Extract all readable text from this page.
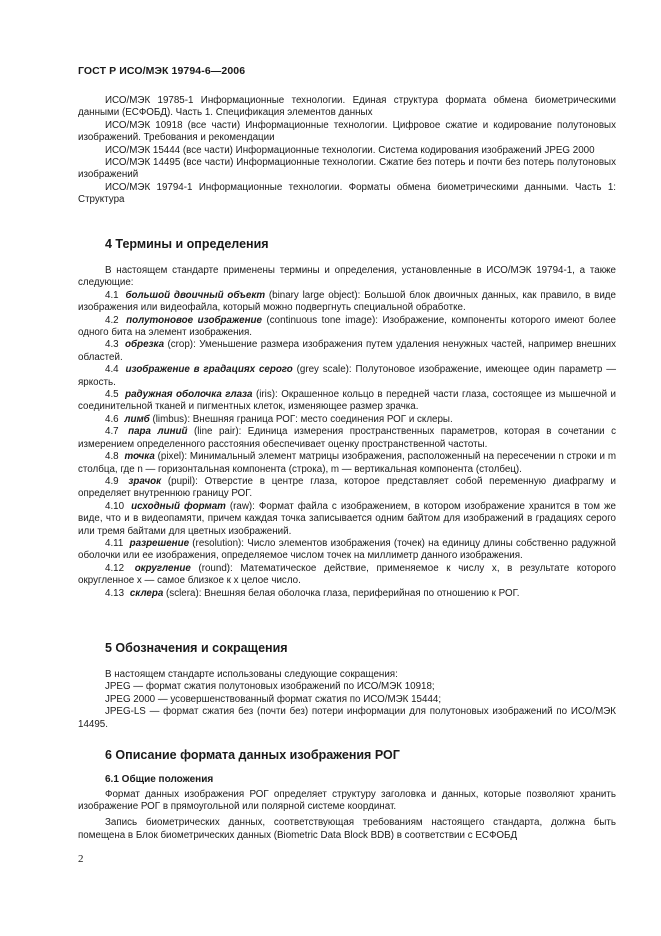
ГОСТ Р ИСО/МЭК 19794-6—2006

ИСО/МЭК 19785-1 Информационные технологии. Единая структура формата обмена биометрическими данными (ЕСФОБД). Часть 1. Спецификация элементов данных

ИСО/МЭК 10918 (все части) Информационные технологии. Цифровое сжатие и кодирование полутоновых изображений. Требования и рекомендации

ИСО/МЭК 15444 (все части) Информационные технологии. Система кодирования изображений JPEG 2000

ИСО/МЭК 14495 (все части) Информационные технологии. Сжатие без потерь и почти без потерь полутоновых изображений

ИСО/МЭК 19794-1 Информационные технологии. Форматы обмена биометрическими данными. Часть 1: Структура

4 Термины и определения

В настоящем стандарте применены термины и определения, установленные в ИСО/МЭК 19794-1, а также следующие:

4.1 большой двоичный объект (binary large object): Большой блок двоичных данных, как правило, в виде изображения или видеофайла, который можно подвергнуть специальной обработке.

4.2 полутоновое изображение (continuous tone image): Изображение, компоненты которого имеют более одного бита на элемент изображения.

4.3 обрезка (crop): Уменьшение размера изображения путем удаления ненужных частей, например внешних областей.

4.4 изображение в градациях серого (grey scale): Полутоновое изображение, имеющее один параметр — яркость.

4.5 радужная оболочка глаза (iris): Окрашенное кольцо в передней части глаза, состоящее из мышечной и соединительной тканей и пигментных клеток, изменяющее размер зрачка.

4.6 лимб (limbus): Внешняя граница РОГ: место соединения РОГ и склеры.

4.7 пара линий (line pair): Единица измерения пространственных параметров, которая в сочетании с измерением определенного расстояния обеспечивает оценку пространственной частоты.

4.8 точка (pixel): Минимальный элемент матрицы изображения, расположенный на пересечении n строки и m столбца, где n — горизонтальная компонента (строка), m — вертикальная компонента (столбец).

4.9 зрачок (pupil): Отверстие в центре глаза, которое представляет собой переменную диафрагму и определяет внутреннюю границу РОГ.

4.10 исходный формат (raw): Формат файла с изображением, в котором изображение хранится в том же виде, что и в видеопамяти, причем каждая точка записывается одним байтом для изображений в градациях серого или тремя байтами для цветных изображений.

4.11 разрешение (resolution): Число элементов изображения (точек) на единицу длины собственно радужной оболочки или ее изображения, определяемое числом точек на миллиметр данного изображения.

4.12 округление (round): Математическое действие, применяемое к числу x, в результате которого округленное x — самое близкое к x целое число.

4.13 склера (sclera): Внешняя белая оболочка глаза, периферийная по отношению к РОГ.

5 Обозначения и сокращения

В настоящем стандарте использованы следующие сокращения:

JPEG — формат сжатия полутоновых изображений по ИСО/МЭК 10918;

JPEG 2000 — усовершенствованный формат сжатия по ИСО/МЭК 15444;

JPEG-LS — формат сжатия без (почти без) потери информации для полутоновых изображений по ИСО/МЭК 14495.

6 Описание формата данных изображения РОГ

6.1 Общие положения

Формат данных изображения РОГ определяет структуру заголовка и данных, которые позволяют хранить изображение РОГ в прямоугольной или полярной системе координат.

Запись биометрических данных, соответствующая требованиям настоящего стандарта, должна быть помещена в Блок биометрических данных (Biometric Data Block BDB) в соответствии с ЕСФОБД

2
